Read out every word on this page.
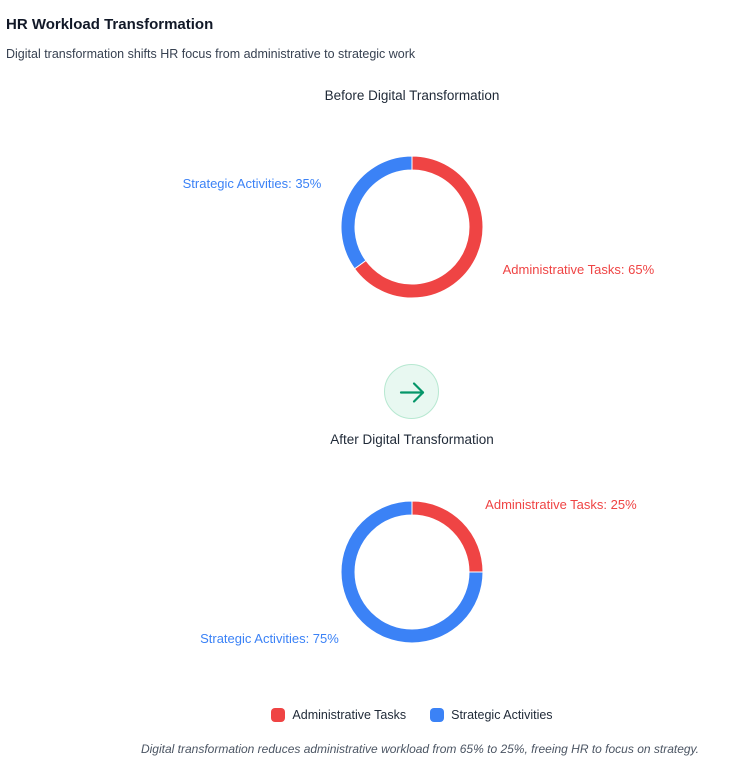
HR Workload Transformation

Digital transformation shifts HR focus from administrative to strategic work

Before Digital Transformation
Administrative Tasks: 65%
Strategic Activities: 35%
After Digital Transformation
Administrative Tasks: 25%
Strategic Activities: 75%
Administrative Tasks	Strategic Activities

Digital transformation reduces administrative workload from 65% to 25%, freeing HR to focus on strategy.
